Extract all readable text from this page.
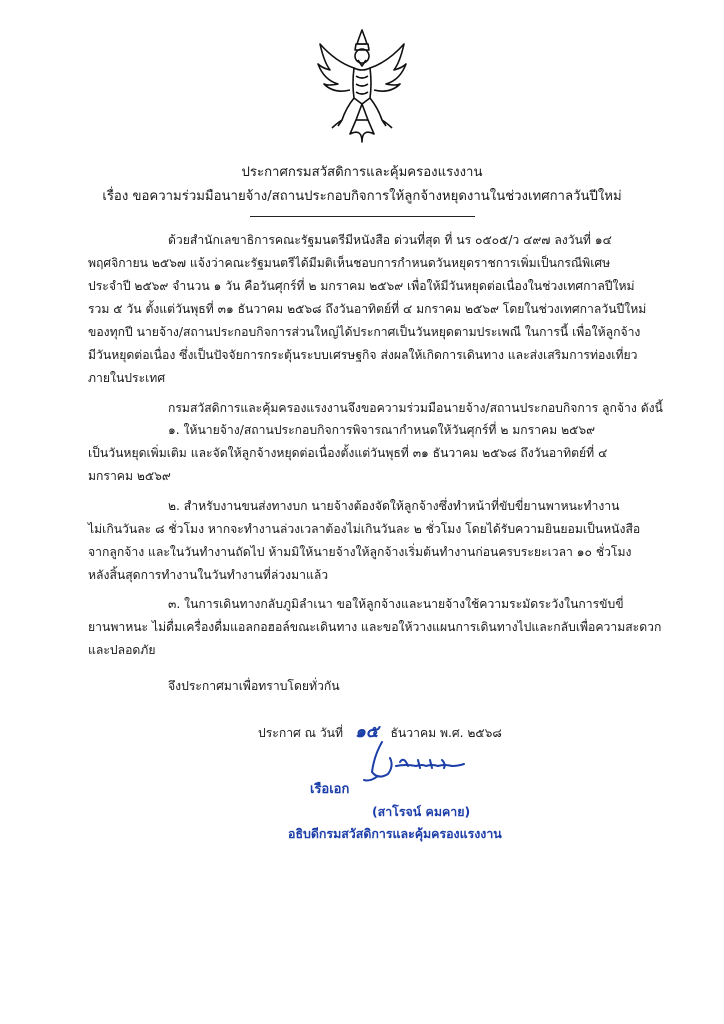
ประกาศกรมสวัสดิการและคุ้มครองแรงงาน
เรื่อง ขอความร่วมมือนายจ้าง/สถานประกอบกิจการให้ลูกจ้างหยุดงานในช่วงเทศกาลวันปีใหม่
ด้วยสำนักเลขาธิการคณะรัฐมนตรีมีหนังสือ ด่วนที่สุด ที่ นร ๐๕๐๕/ว ๔๙๗ ลงวันที่ ๑๔
พฤศจิกายน ๒๕๖๗ แจ้งว่าคณะรัฐมนตรีได้มีมติเห็นชอบการกำหนดวันหยุดราชการเพิ่มเป็นกรณีพิเศษ
ประจำปี ๒๕๖๙ จำนวน ๑ วัน คือวันศุกร์ที่ ๒ มกราคม ๒๕๖๙ เพื่อให้มีวันหยุดต่อเนื่องในช่วงเทศกาลปีใหม่
รวม ๕ วัน ตั้งแต่วันพุธที่ ๓๑ ธันวาคม ๒๕๖๘ ถึงวันอาทิตย์ที่ ๔ มกราคม ๒๕๖๙ โดยในช่วงเทศกาลวันปีใหม่
ของทุกปี นายจ้าง/สถานประกอบกิจการส่วนใหญ่ได้ประกาศเป็นวันหยุดตามประเพณี ในการนี้ เพื่อให้ลูกจ้าง
มีวันหยุดต่อเนื่อง ซึ่งเป็นปัจจัยการกระตุ้นระบบเศรษฐกิจ ส่งผลให้เกิดการเดินทาง และส่งเสริมการท่องเที่ยว
ภายในประเทศ
กรมสวัสดิการและคุ้มครองแรงงานจึงขอความร่วมมือนายจ้าง/สถานประกอบกิจการ ลูกจ้าง ดังนี้
๑. ให้นายจ้าง/สถานประกอบกิจการพิจารณากำหนดให้วันศุกร์ที่ ๒ มกราคม ๒๕๖๙
เป็นวันหยุดเพิ่มเติม และจัดให้ลูกจ้างหยุดต่อเนื่องตั้งแต่วันพุธที่ ๓๑ ธันวาคม ๒๕๖๘ ถึงวันอาทิตย์ที่ ๔
มกราคม ๒๕๖๙
๒. สำหรับงานขนส่งทางบก นายจ้างต้องจัดให้ลูกจ้างซึ่งทำหน้าที่ขับขี่ยานพาหนะทำงาน
ไม่เกินวันละ ๘ ชั่วโมง หากจะทำงานล่วงเวลาต้องไม่เกินวันละ ๒ ชั่วโมง โดยได้รับความยินยอมเป็นหนังสือ
จากลูกจ้าง และในวันทำงานถัดไป ห้ามมิให้นายจ้างให้ลูกจ้างเริ่มต้นทำงานก่อนครบระยะเวลา ๑๐ ชั่วโมง
หลังสิ้นสุดการทำงานในวันทำงานที่ล่วงมาแล้ว
๓. ในการเดินทางกลับภูมิลำเนา ขอให้ลูกจ้างและนายจ้างใช้ความระมัดระวังในการขับขี่
ยานพาหนะ ไม่ดื่มเครื่องดื่มแอลกอฮอล์ขณะเดินทาง และขอให้วางแผนการเดินทางไปและกลับเพื่อความสะดวก
และปลอดภัย
จึงประกาศมาเพื่อทราบโดยทั่วกัน
ประกาศ ณ วันที่ ๑๕ ธันวาคม พ.ศ. ๒๕๖๘
เรือเอก
(สาโรจน์ คมคาย)
อธิบดีกรมสวัสดิการและคุ้มครองแรงงาน
